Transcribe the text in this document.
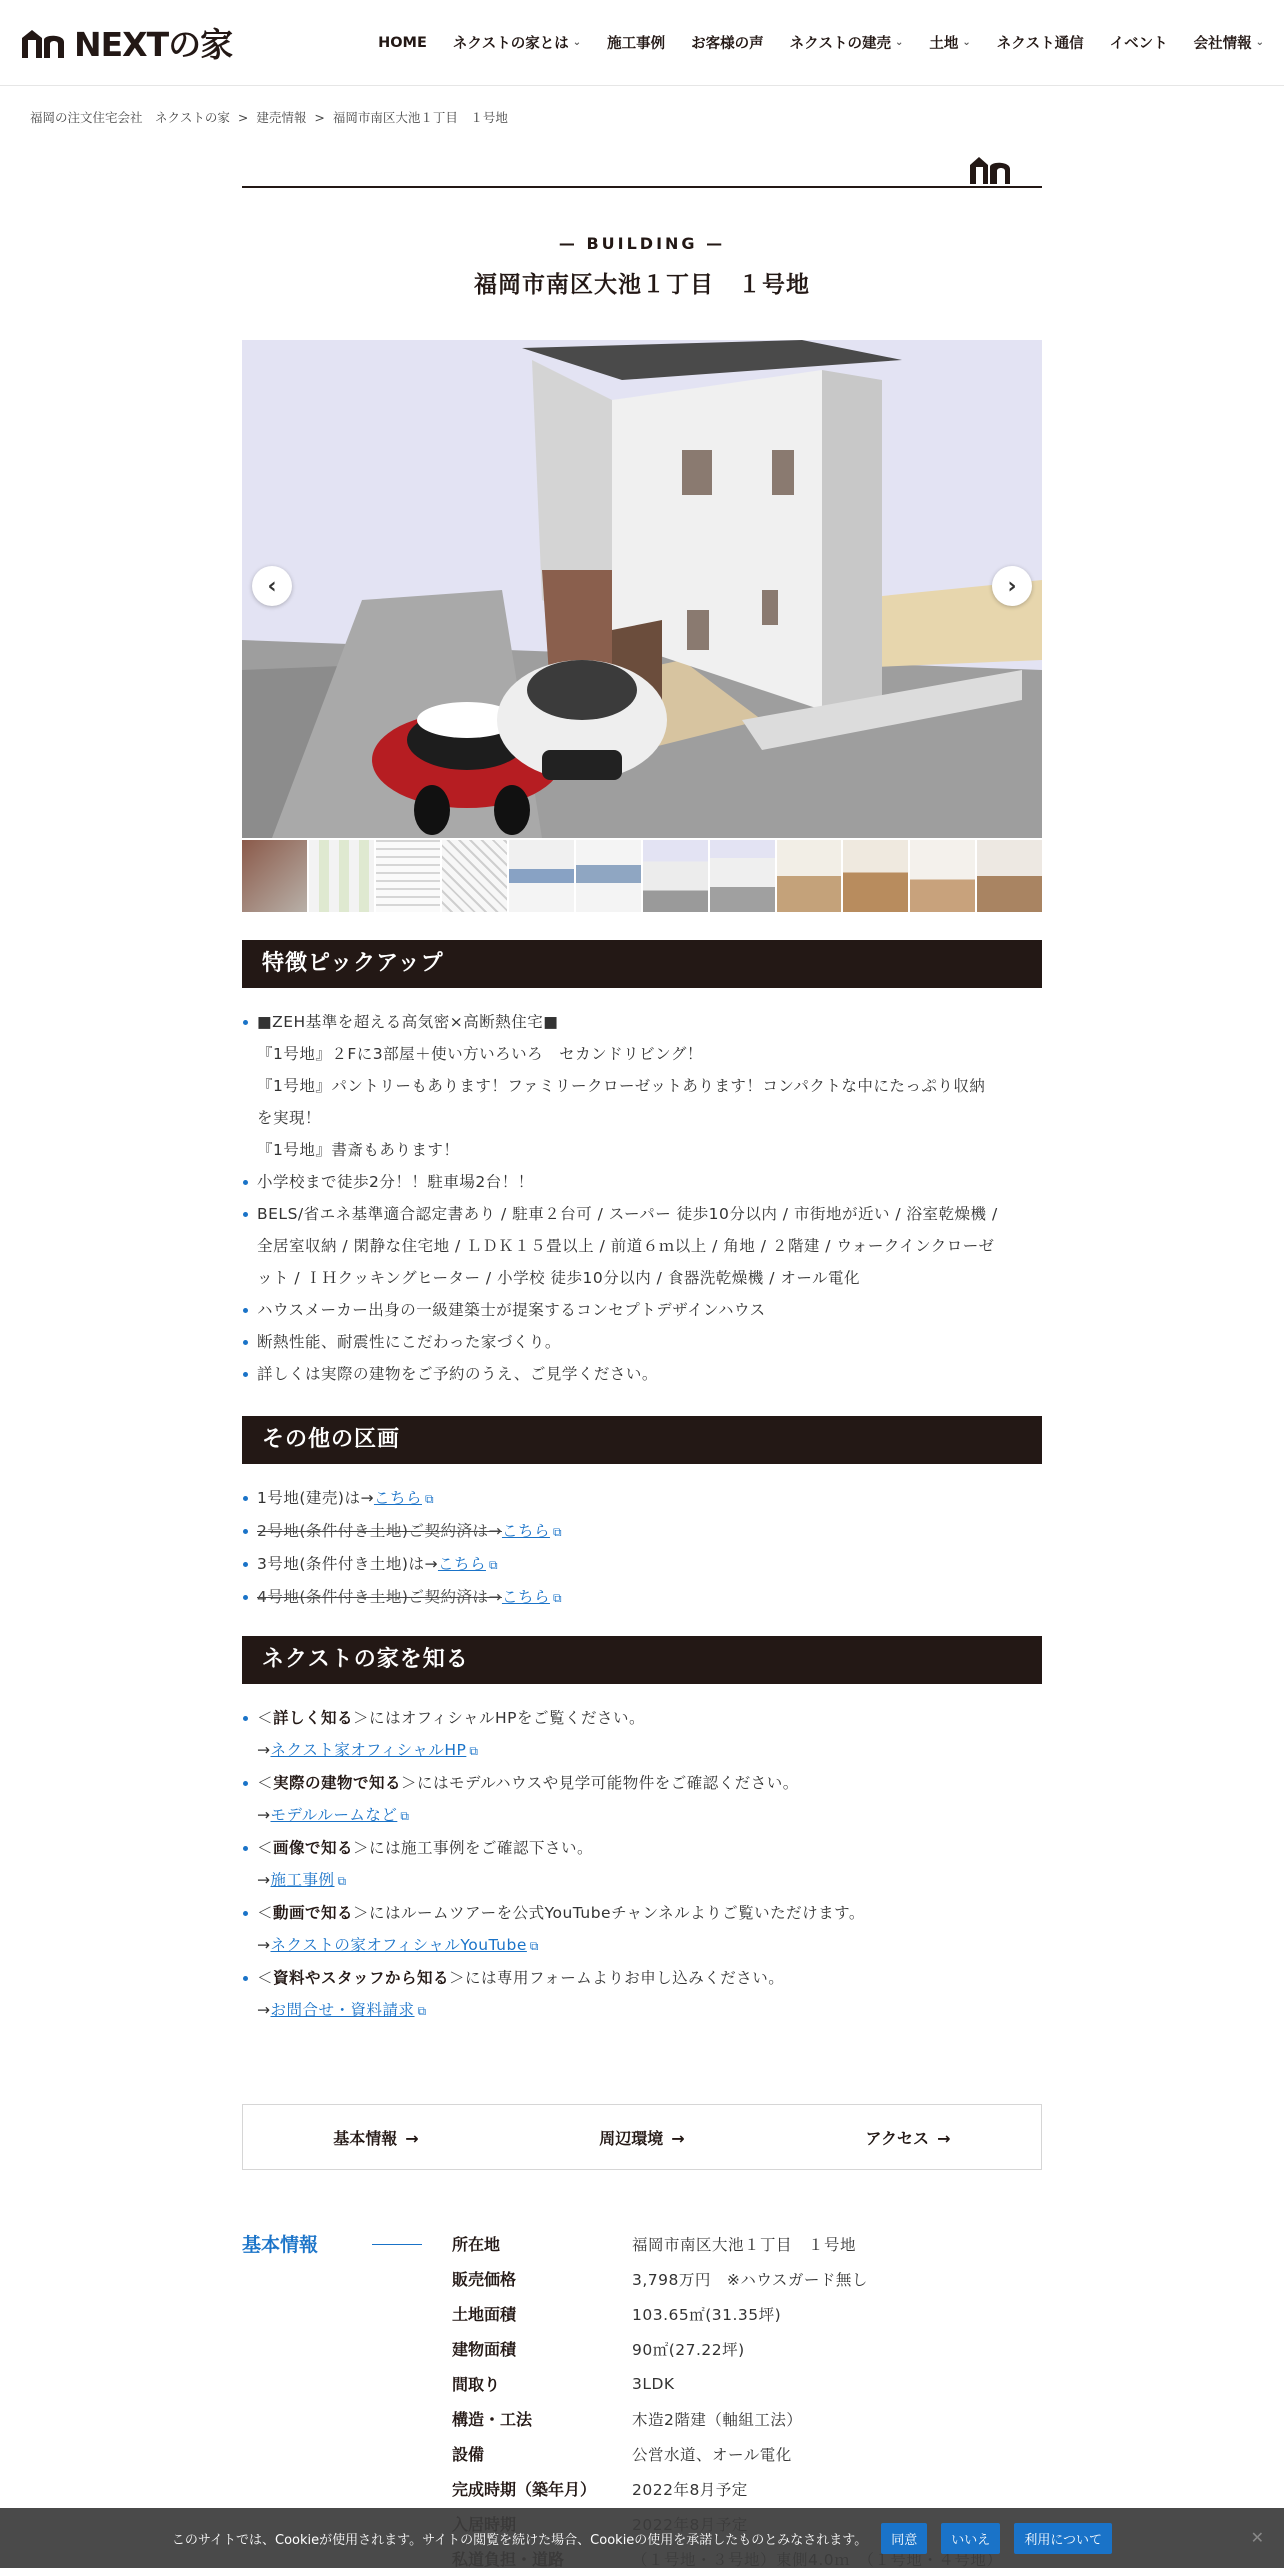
NEXTの家	HOME ネクストの家とは ⌄ 施工事例 お客様の声 ネクストの建売 ⌄ 土地 ⌄ ネクスト通信 イベント 会社情報 ⌄
福岡の注文住宅会社　ネクストの家 > 建売情報 > 福岡市南区大池１丁目　１号地
— BUILDING —
福岡市南区大池１丁目　１号地
‹	›
特徴ピックアップ
■ZEH基準を超える高気密×高断熱住宅■
『1号地』２Fに3部屋＋使い方いろいろ　セカンドリビング！
『1号地』パントリーもあります！ファミリークローゼットあります！コンパクトな中にたっぷり収納
を実現！
『1号地』書斎もあります！
小学校まで徒歩2分！！駐車場2台！！
BELS/省エネ基準適合認定書あり / 駐車２台可 / スーパー 徒歩10分以内 / 市街地が近い / 浴室乾燥機 /
全居室収納 / 閑静な住宅地 / ＬＤＫ１５畳以上 / 前道６ｍ以上 / 角地 / ２階建 / ウォークインクローゼ
ット / ＩＨクッキングヒーター / 小学校 徒歩10分以内 / 食器洗乾燥機 / オール電化
ハウスメーカー出身の一級建築士が提案するコンセプトデザインハウス
断熱性能、耐震性にこだわった家づくり。
詳しくは実際の建物をご予約のうえ、ご見学ください。
その他の区画
1号地(建売)は→こちら ⧉
2号地(条件付き土地)ご契約済は→こちら ⧉
3号地(条件付き土地)は→こちら ⧉
4号地(条件付き土地)ご契約済は→こちら ⧉
ネクストの家を知る
＜詳しく知る＞にはオフィシャルHPをご覧ください。
→ネクスト家オフィシャルHP ⧉
＜実際の建物で知る＞にはモデルハウスや見学可能物件をご確認ください。
→モデルルームなど ⧉
＜画像で知る＞には施工事例をご確認下さい。
→施工事例 ⧉
＜動画で知る＞にはルームツアーを公式YouTubeチャンネルよりご覧いただけます。
→ネクストの家オフィシャルYouTube ⧉
＜資料やスタッフから知る＞には専用フォームよりお申し込みください。
→お問合せ・資料請求 ⧉
基本情報 →	周辺環境 →	アクセス →
基本情報	所在地	福岡市南区大池１丁目　１号地
販売価格	3,798万円　※ハウスガード無し
土地面積	103.65㎡(31.35坪)
建物面積	90㎡(27.22坪)
間取り	3LDK
構造・工法	木造2階建（軸組工法）
設備	公営水道、オール電化
完成時期（築年月）	2022年8月予定
このサイトでは、Cookieが使用されます。サイトの閲覧を続けた場合、Cookieの使用を承諾したものとみなされます。	同意	いいえ	利用について	✕
